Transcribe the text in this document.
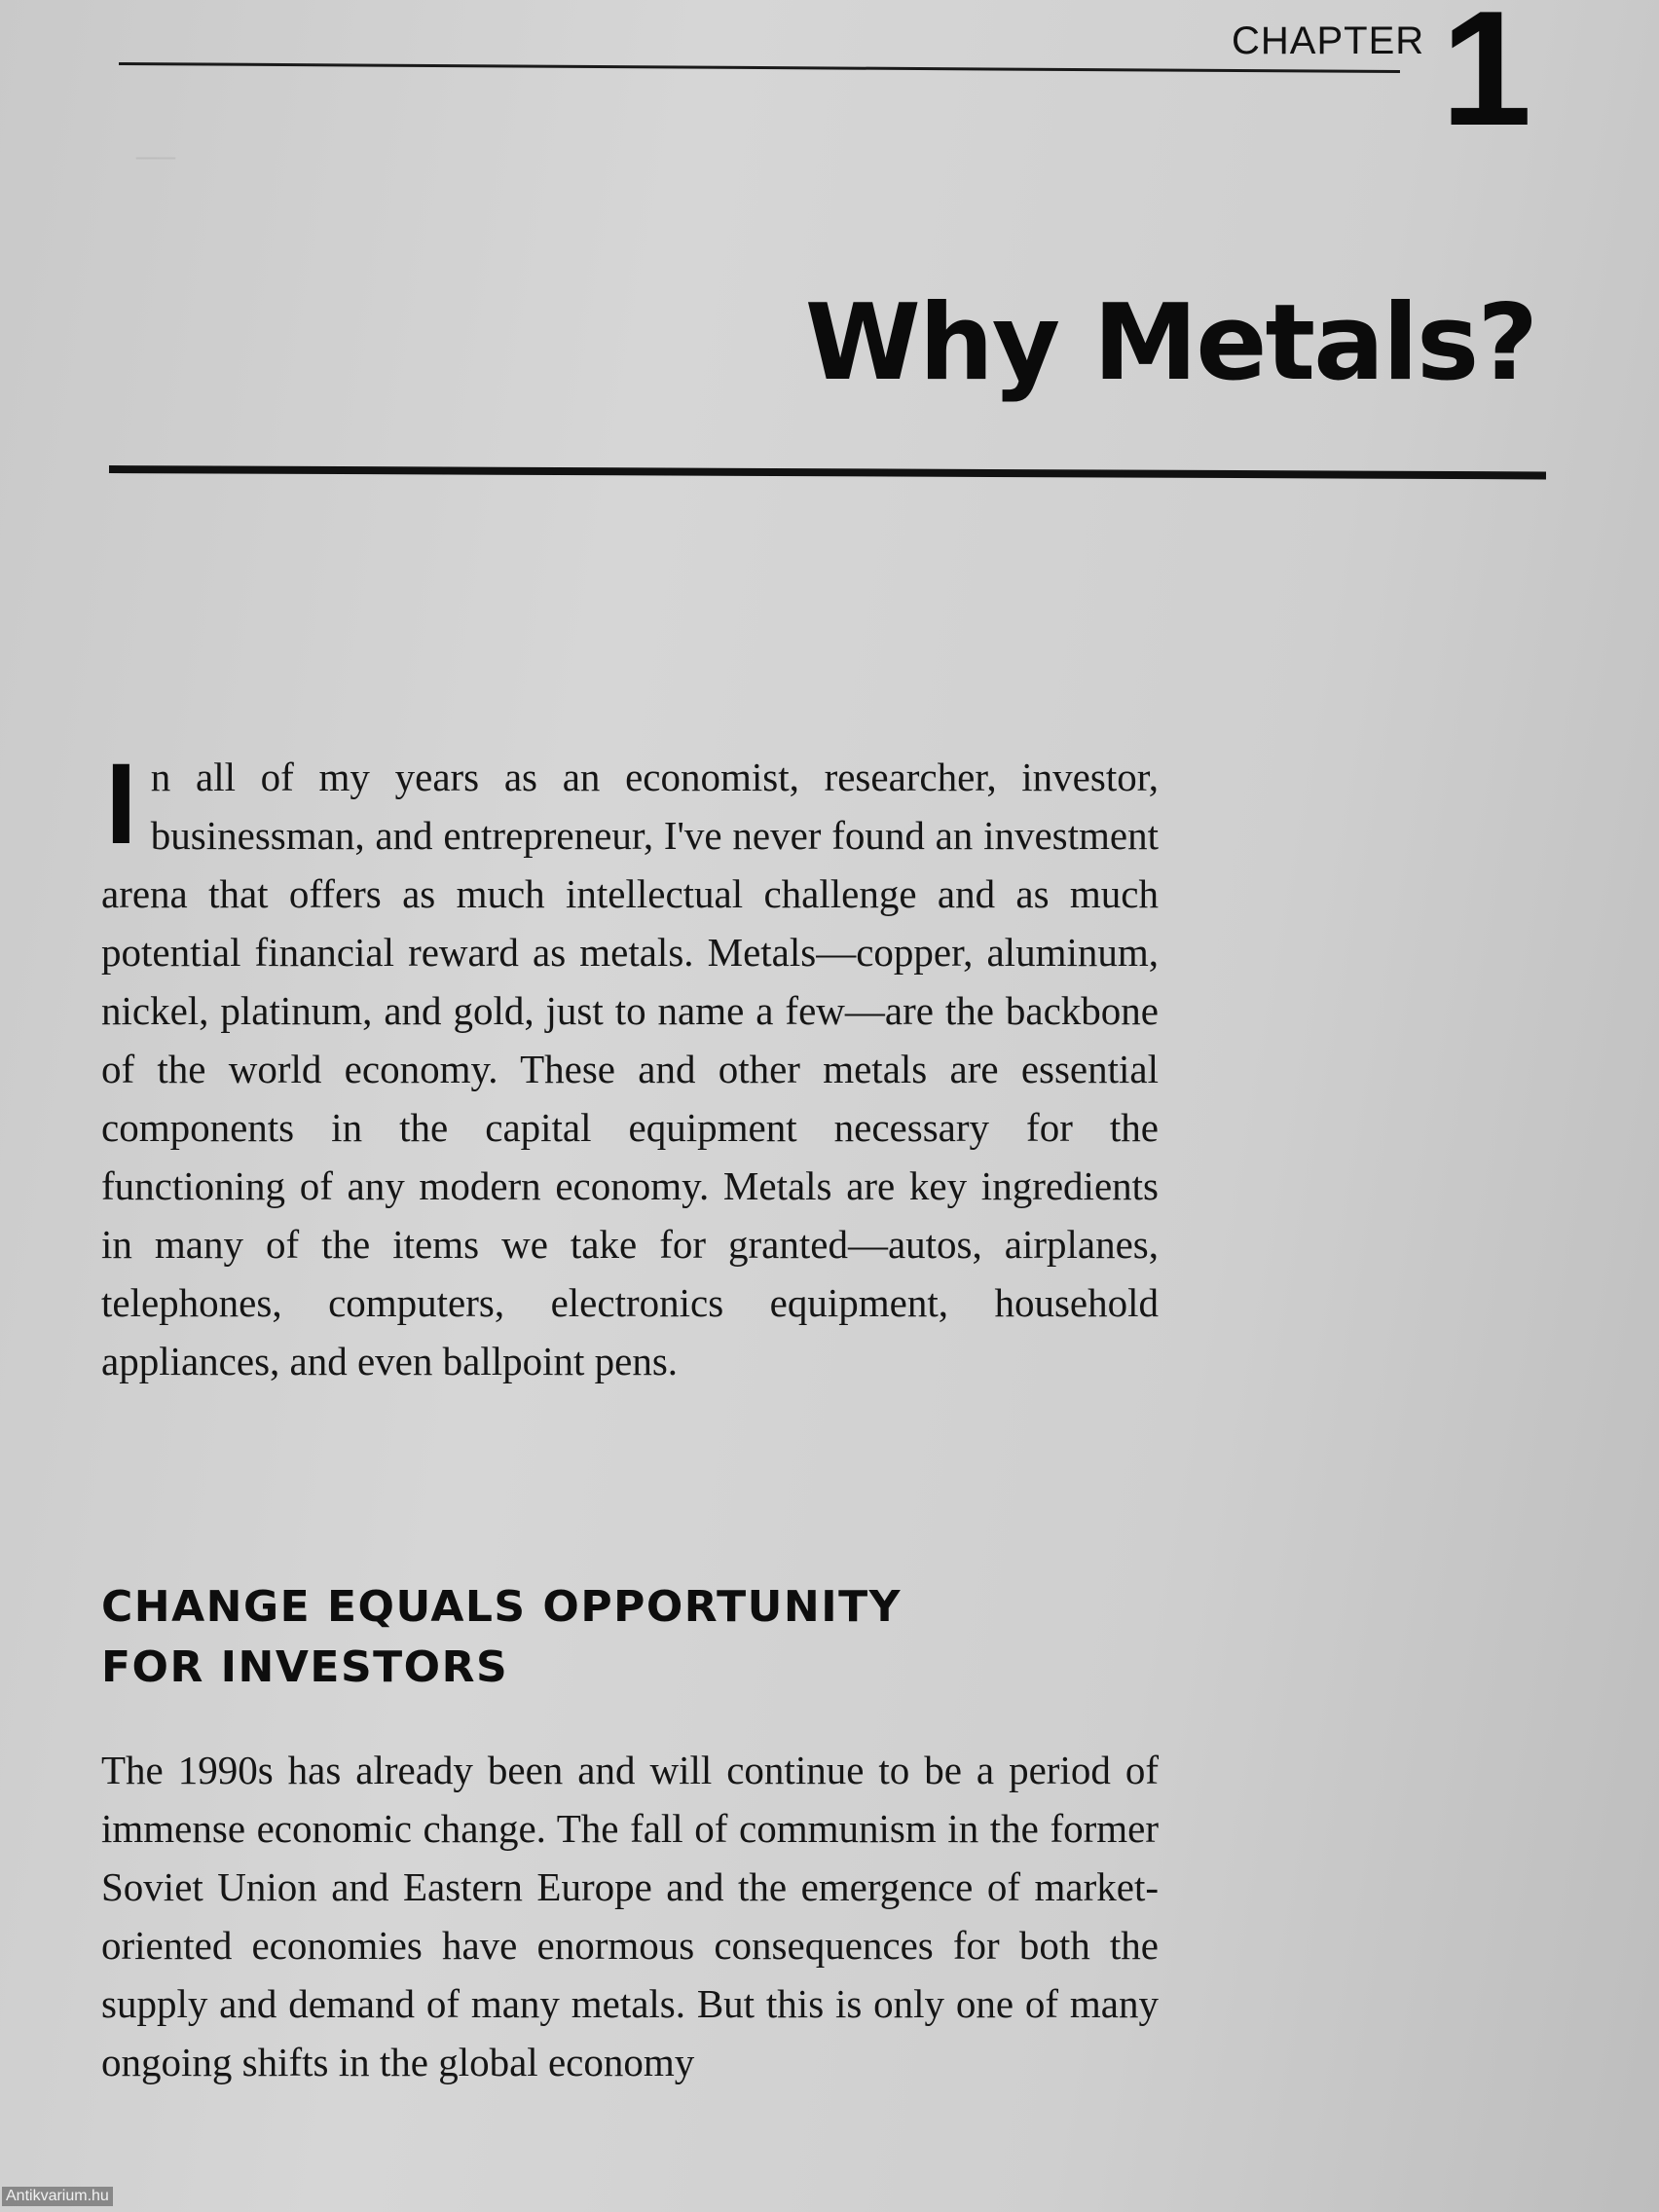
—
CHAPTER 1
Why Metals?
In all of my years as an economist, researcher, investor, businessman, and entrepreneur, I've never found an investment arena that offers as much intellectual challenge and as much potential financial reward as metals. Metals—copper, aluminum, nickel, platinum, and gold, just to name a few—are the backbone of the world economy. These and other metals are essential components in the capital equipment necessary for the functioning of any modern economy. Metals are key ingredients in many of the items we take for granted—autos, airplanes, telephones, computers, electronics equipment, household appliances, and even ballpoint pens.
CHANGE EQUALS OPPORTUNITY
FOR INVESTORS
The 1990s has already been and will continue to be a period of immense economic change. The fall of communism in the former Soviet Union and Eastern Europe and the emergence of market-oriented economies have enormous consequences for both the supply and demand of many metals. But this is only one of many ongoing shifts in the global economy
Antikvarium.hu
